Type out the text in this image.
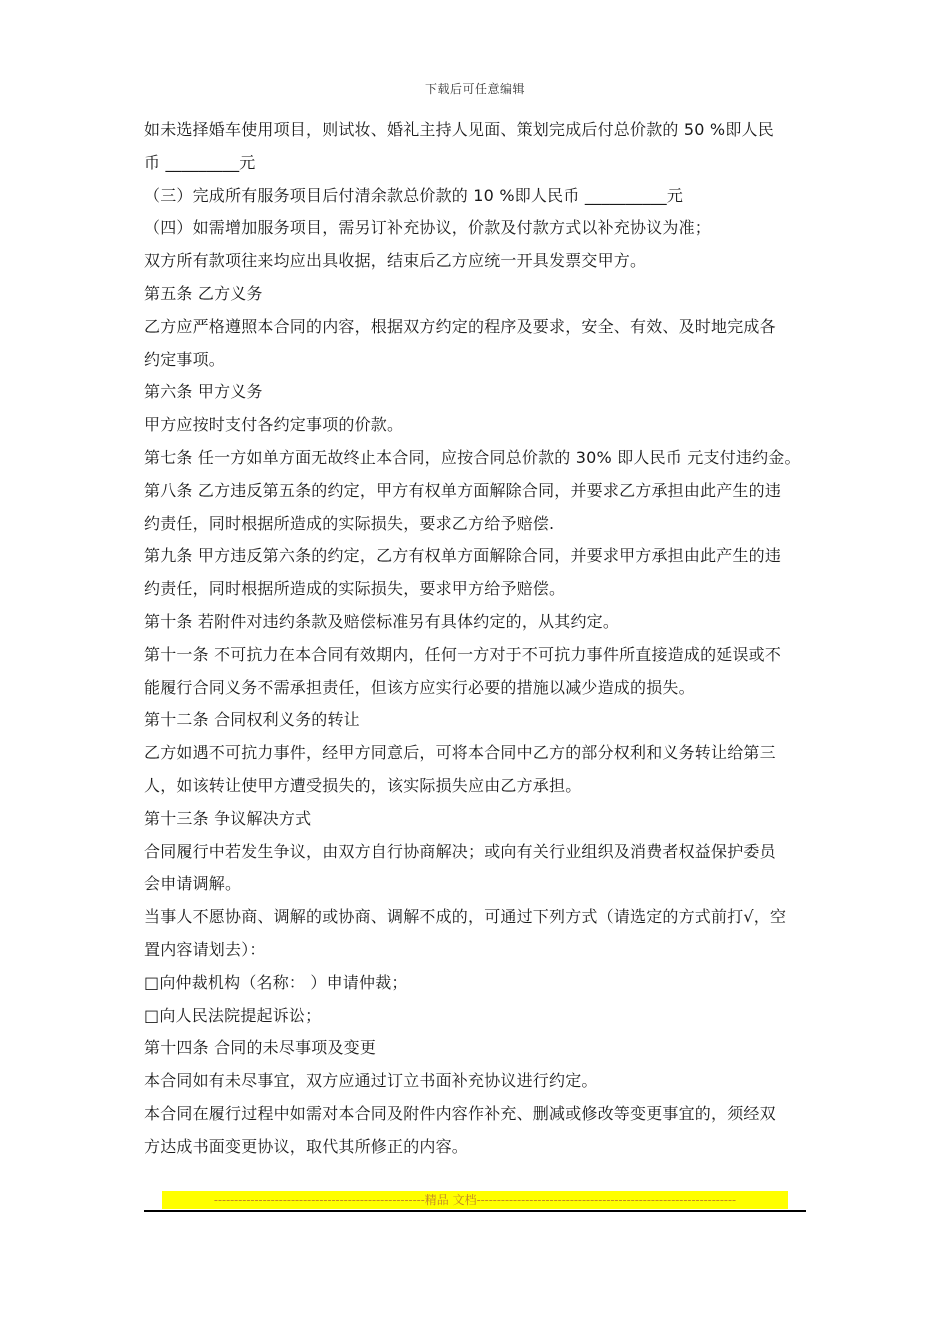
下载后可任意编辑
如未选择婚车使用项目，则试妆、婚礼主持人见面、策划完成后付总价款的 50 %即人民
币 _________元
（三）完成所有服务项目后付清余款总价款的 10 %即人民币 __________元
（四）如需增加服务项目，需另订补充协议，价款及付款方式以补充协议为准；
双方所有款项往来均应出具收据，结束后乙方应统一开具发票交甲方。
第五条 乙方义务
乙方应严格遵照本合同的内容，根据双方约定的程序及要求，安全、有效、及时地完成各
约定事项。
第六条 甲方义务
甲方应按时支付各约定事项的价款。
第七条 任一方如单方面无故终止本合同，应按合同总价款的 30% 即人民币 元支付违约金。
第八条 乙方违反第五条的约定，甲方有权单方面解除合同，并要求乙方承担由此产生的违
约责任，同时根据所造成的实际损失，要求乙方给予赔偿.
第九条 甲方违反第六条的约定，乙方有权单方面解除合同，并要求甲方承担由此产生的违
约责任，同时根据所造成的实际损失，要求甲方给予赔偿。
第十条 若附件对违约条款及赔偿标准另有具体约定的，从其约定。
第十一条 不可抗力在本合同有效期内，任何一方对于不可抗力事件所直接造成的延误或不
能履行合同义务不需承担责任，但该方应实行必要的措施以减少造成的损失。
第十二条 合同权利义务的转让
乙方如遇不可抗力事件，经甲方同意后，可将本合同中乙方的部分权利和义务转让给第三
人，如该转让使甲方遭受损失的，该实际损失应由乙方承担。
第十三条 争议解决方式
合同履行中若发生争议，由双方自行协商解决；或向有关行业组织及消费者权益保护委员
会申请调解。
当事人不愿协商、调解的或协商、调解不成的，可通过下列方式（请选定的方式前打√，空
置内容请划去）：
□向仲裁机构（名称： ）申请仲裁；
□向人民法院提起诉讼；
第十四条 合同的未尽事项及变更
本合同如有未尽事宜，双方应通过订立书面补充协议进行约定。
本合同在履行过程中如需对本合同及附件内容作补充、删减或修改等变更事宜的，须经双
方达成书面变更协议，取代其所修正的内容。
----------------------------------------------------精品 文档----------------------------------------------------------------
